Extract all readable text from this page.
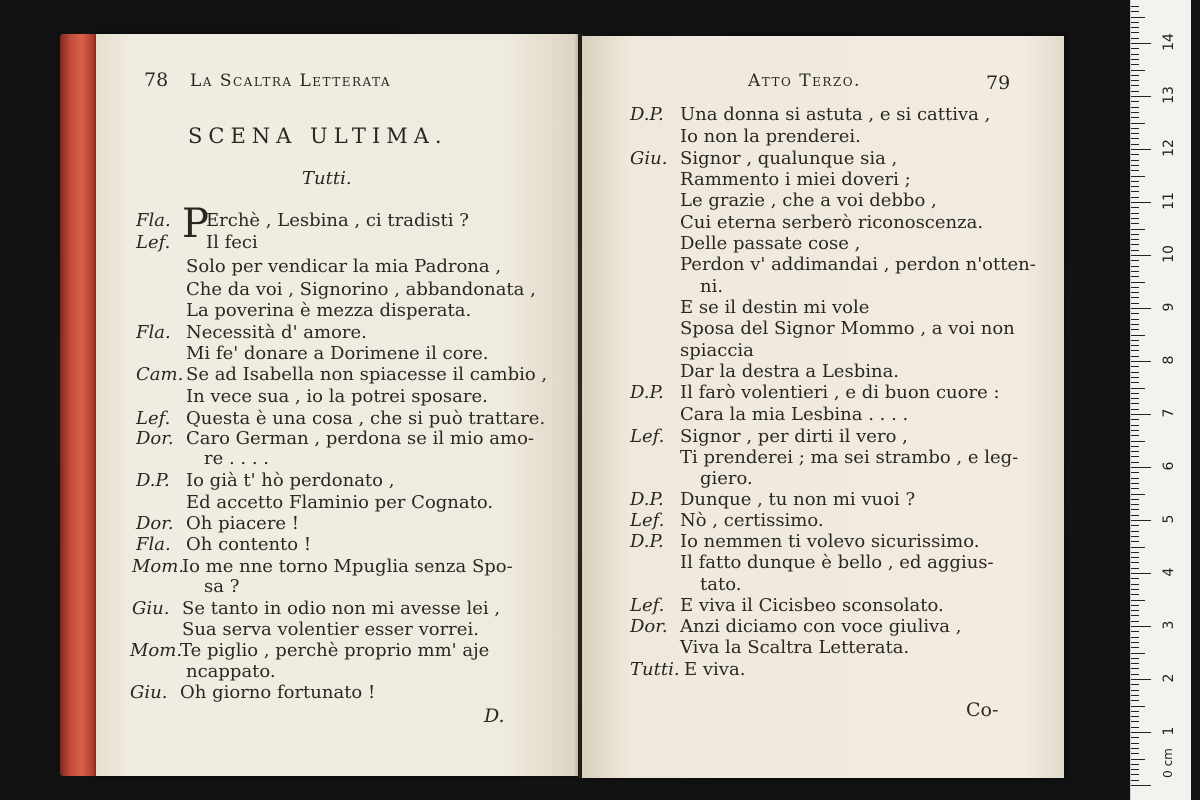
78 La Scaltra Letterata
SCENA ULTIMA.
Tutti.
Fla. P
Erchè , Lesbina , ci tradisti ?
Lef. Il feci
Solo per vendicar la mia Padrona ,
Che da voi , Signorino , abbandonata ,
La poverina è mezza disperata.
Fla. Necessità d' amore.
Mi fe' donare a Dorimene il core.
Cam. Se ad Isabella non spiacesse il cambio ,
In vece sua , io la potrei sposare.
Lef. Questa è una cosa , che si può trattare.
Dor. Caro German , perdona se il mio amo-
re . . . .
D.P. Io già t' hò perdonato ,
Ed accetto Flaminio per Cognato.
Dor. Oh piacere !
Fla. Oh contento !
Mom.Io me nne torno Mpuglia senza Spo-
sa ?
Giu. Se tanto in odio non mi avesse lei ,
Sua serva volentier esser vorrei.
Mom.Te piglio , perchè proprio mm' aje
ncappato.
Giu. Oh giorno fortunato !
D.
Atto Terzo.	79
D.P. Una donna si astuta , e si cattiva ,
Io non la prenderei.
Giu. Signor , qualunque sia ,
Rammento i miei doveri ;
Le grazie , che a voi debbo ,
Cui eterna serberò riconoscenza.
Delle passate cose ,
Perdon v' addimandai , perdon n'otten-
ni.
E se il destin mi vole
Sposa del Signor Mommo , a voi non
spiaccia
Dar la destra a Lesbina.
D.P. Il farò volentieri , e di buon cuore :
Cara la mia Lesbina . . . .
Lef. Signor , per dirti il vero ,
Ti prenderei ; ma sei strambo , e leg-
giero.
D.P. Dunque , tu non mi vuoi ?
Lef. Nò , certissimo.
D.P. Io nemmen ti volevo sicurissimo.
Il fatto dunque è bello , ed aggius-
tato.
Lef. E viva il Cicisbeo sconsolato.
Dor. Anzi diciamo con voce giuliva ,
Viva la Scaltra Letterata.
Tutti. E viva.
Co-
1
2
3
4
5
6
7
8
9
10
11
12
13
14
0 cm
